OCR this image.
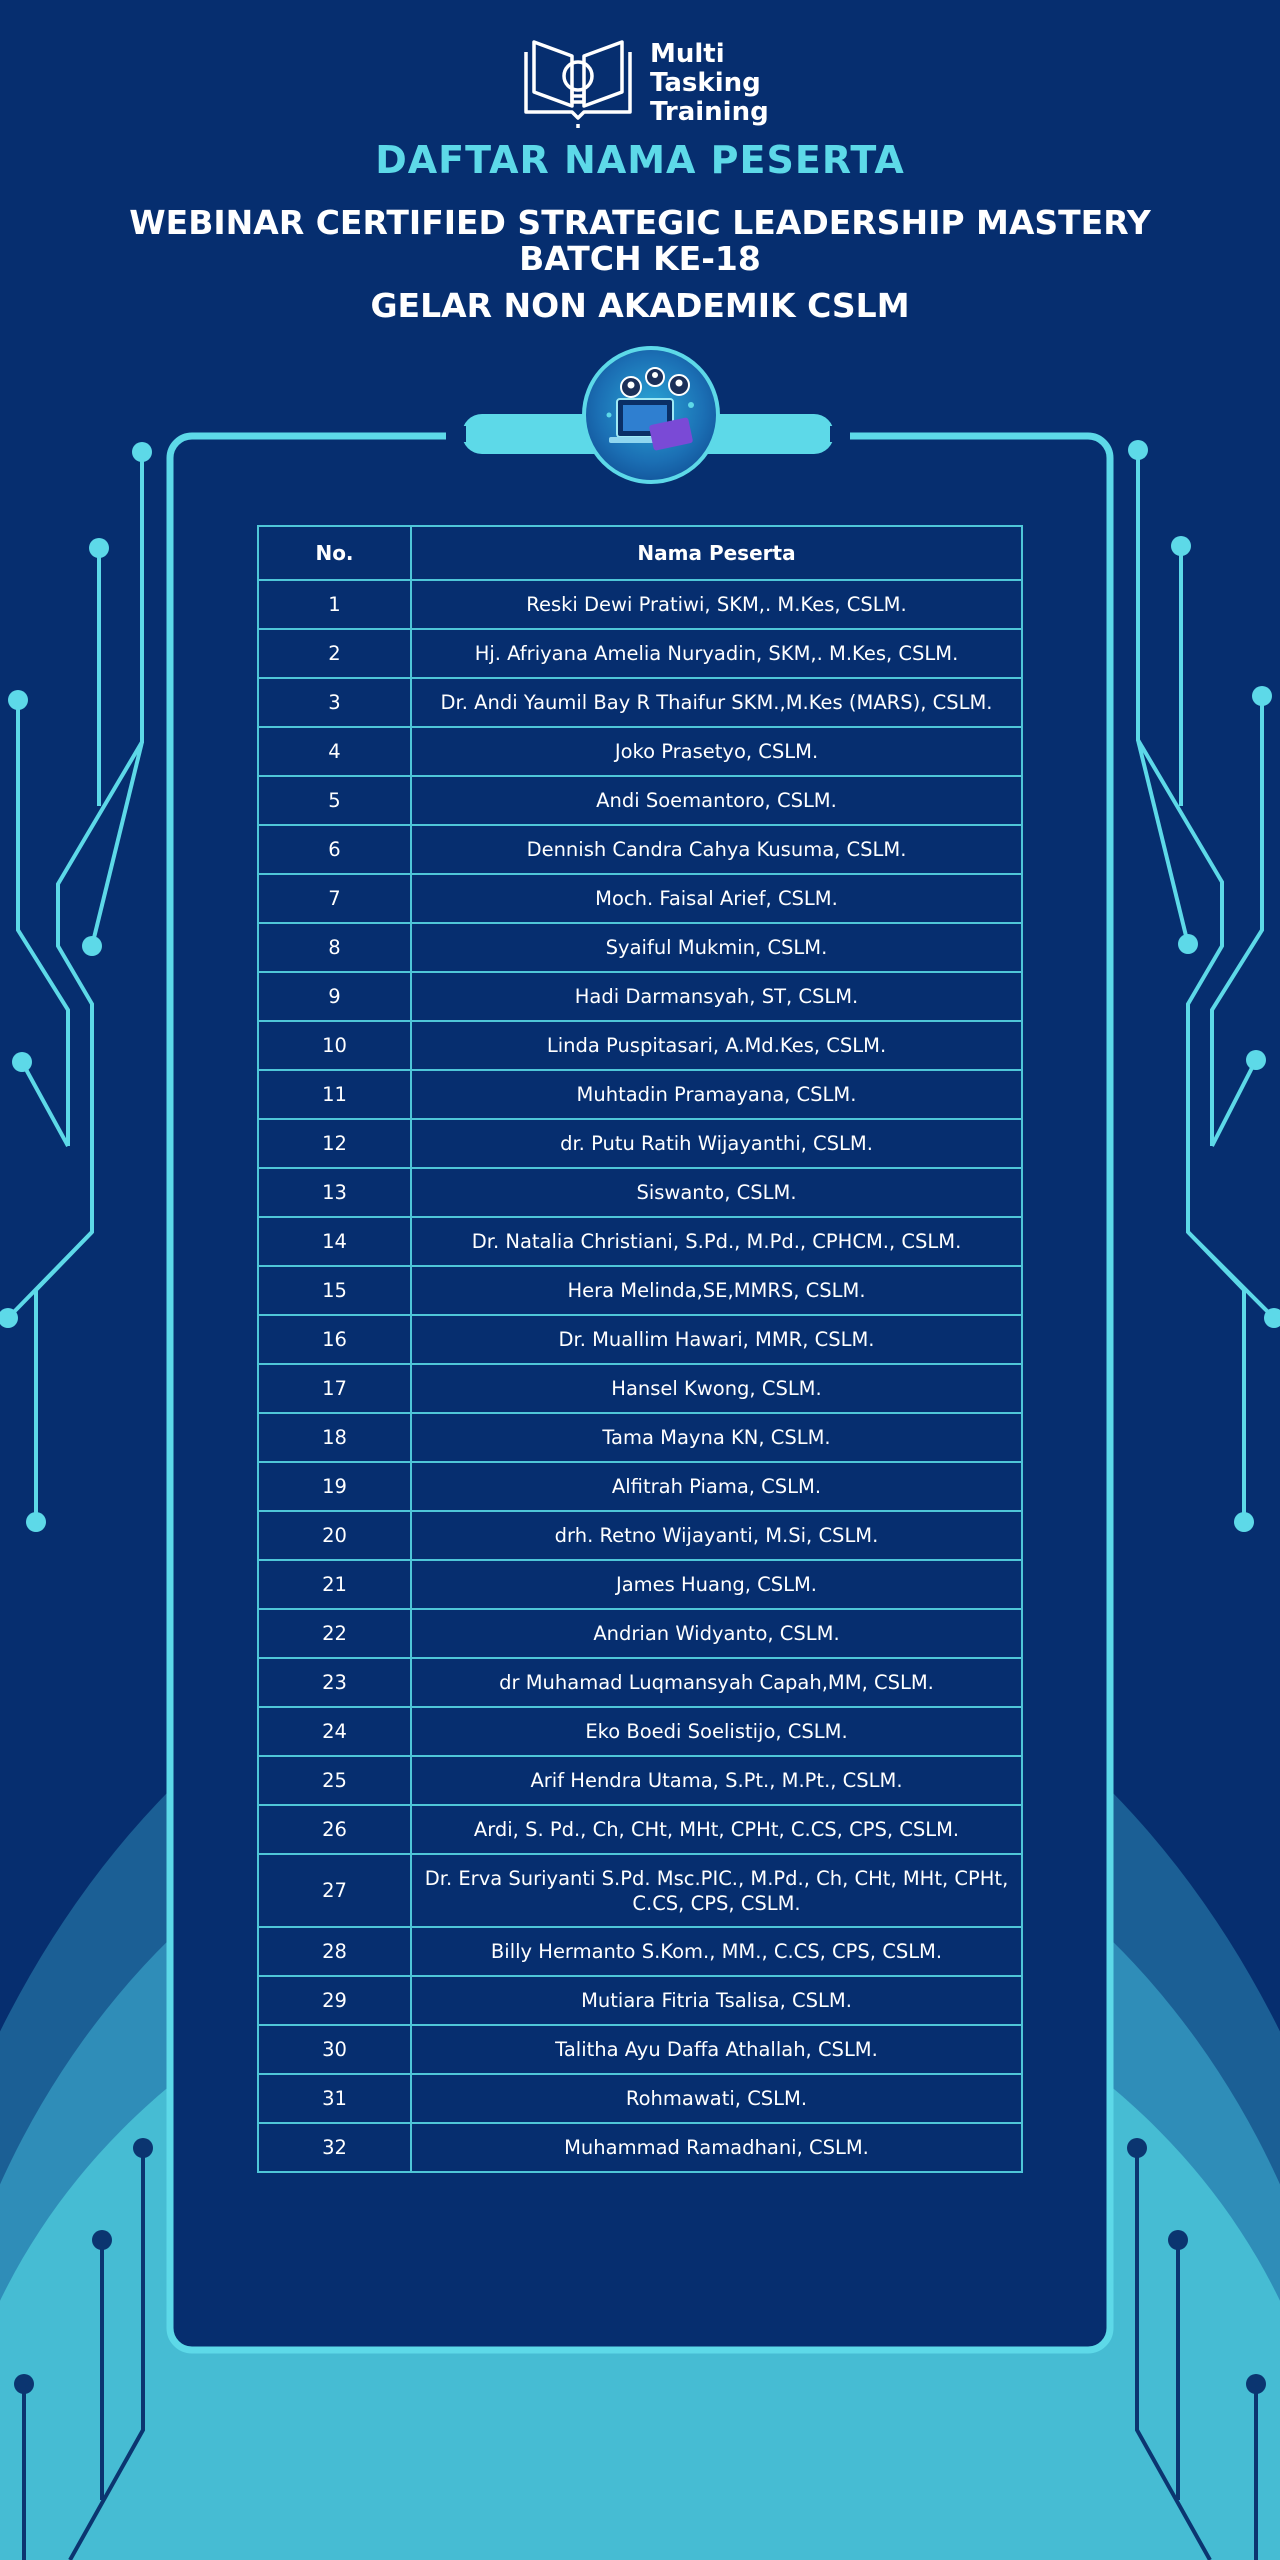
Multi
Tasking
Training
DAFTAR NAMA PESERTA
WEBINAR CERTIFIED STRATEGIC LEADERSHIP MASTERY
BATCH KE-18
GELAR NON AKADEMIK CSLM
No.	Nama Peserta
1	Reski Dewi Pratiwi, SKM,. M.Kes, CSLM.
2	Hj. Afriyana Amelia Nuryadin, SKM,. M.Kes, CSLM.
3	Dr. Andi Yaumil Bay R Thaifur SKM.,M.Kes (MARS), CSLM.
4	Joko Prasetyo, CSLM.
5	Andi Soemantoro, CSLM.
6	Dennish Candra Cahya Kusuma, CSLM.
7	Moch. Faisal Arief, CSLM.
8	Syaiful Mukmin, CSLM.
9	Hadi Darmansyah, ST, CSLM.
10	Linda Puspitasari, A.Md.Kes, CSLM.
11	Muhtadin Pramayana, CSLM.
12	dr. Putu Ratih Wijayanthi, CSLM.
13	Siswanto, CSLM.
14	Dr. Natalia Christiani, S.Pd., M.Pd., CPHCM., CSLM.
15	Hera Melinda,SE,MMRS, CSLM.
16	Dr. Muallim Hawari, MMR, CSLM.
17	Hansel Kwong, CSLM.
18	Tama Mayna KN, CSLM.
19	Alfitrah Piama, CSLM.
20	drh. Retno Wijayanti, M.Si, CSLM.
21	James Huang, CSLM.
22	Andrian Widyanto, CSLM.
23	dr Muhamad Luqmansyah Capah,MM, CSLM.
24	Eko Boedi Soelistijo, CSLM.
25	Arif Hendra Utama, S.Pt., M.Pt., CSLM.
26	Ardi, S. Pd., Ch, CHt, MHt, CPHt, C.CS, CPS, CSLM.
27	Dr. Erva Suriyanti S.Pd. Msc.PIC., M.Pd., Ch, CHt, MHt, CPHt, C.CS, CPS, CSLM.
28	Billy Hermanto S.Kom., MM., C.CS, CPS, CSLM.
29	Mutiara Fitria Tsalisa, CSLM.
30	Talitha Ayu Daffa Athallah, CSLM.
31	Rohmawati, CSLM.
32	Muhammad Ramadhani, CSLM.
